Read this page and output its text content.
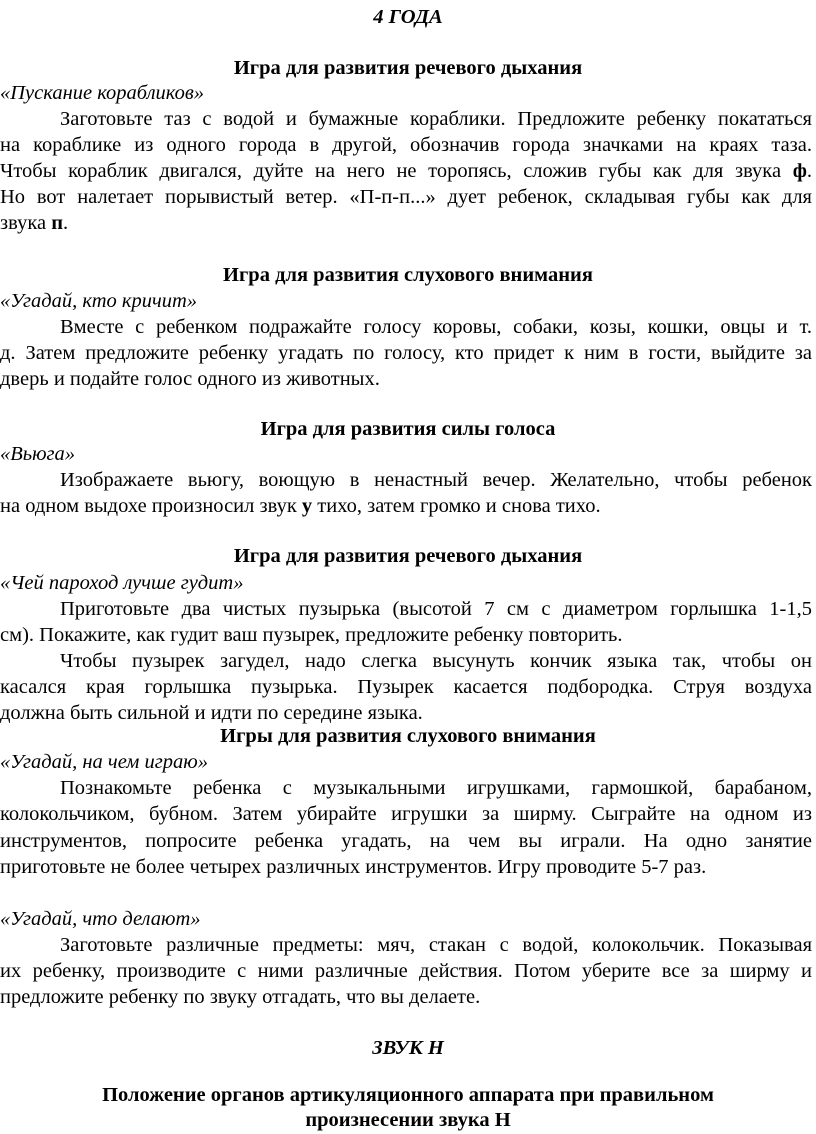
4 ГОДА
Игра для развития речевого дыхания
«Пускание корабликов»
Заготовьте таз с водой и бумажные кораблики. Предложите ребенку покататься
на кораблике из одного города в другой, обозначив города значками на краях таза.
Чтобы кораблик двигался, дуйте на него не торопясь, сложив губы как для звука ф.
Но вот налетает порывистый ветер. «П-п-п...» дует ребенок, складывая губы как для
звука п.
Игра для развития слухового внимания
«Угадай, кто кричит»
Вместе с ребенком подражайте голосу коровы, собаки, козы, кошки, овцы и т.
д. Затем предложите ребенку угадать по голосу, кто придет к ним в гости, выйдите за
дверь и подайте голос одного из животных.
Игра для развития силы голоса
«Вьюга»
Изображаете вьюгу, воющую в ненастный вечер. Желательно, чтобы ребенок
на одном выдохе произносил звук у тихо, затем громко и снова тихо.
Игра для развития речевого дыхания
«Чей пароход лучше гудит»
Приготовьте два чистых пузырька (высотой 7 см с диаметром горлышка 1-1,5
см). Покажите, как гудит ваш пузырек, предложите ребенку повторить.
Чтобы пузырек загудел, надо слегка высунуть кончик языка так, чтобы он
касался края горлышка пузырька. Пузырек касается подбородка. Струя воздуха
должна быть сильной и идти по середине языка.
Игры для развития слухового внимания
«Угадай, на чем играю»
Познакомьте ребенка с музыкальными игрушками, гармошкой, барабаном,
колокольчиком, бубном. Затем убирайте игрушки за ширму. Сыграйте на одном из
инструментов, попросите ребенка угадать, на чем вы играли. На одно занятие
приготовьте не более четырех различных инструментов. Игру проводите 5-7 раз.
«Угадай, что делают»
Заготовьте различные предметы: мяч, стакан с водой, колокольчик. Показывая
их ребенку, производите с ними различные действия. Потом уберите все за ширму и
предложите ребенку по звуку отгадать, что вы делаете.
ЗВУК Н
Положение органов артикуляционного аппарата при правильном
произнесении звука Н
